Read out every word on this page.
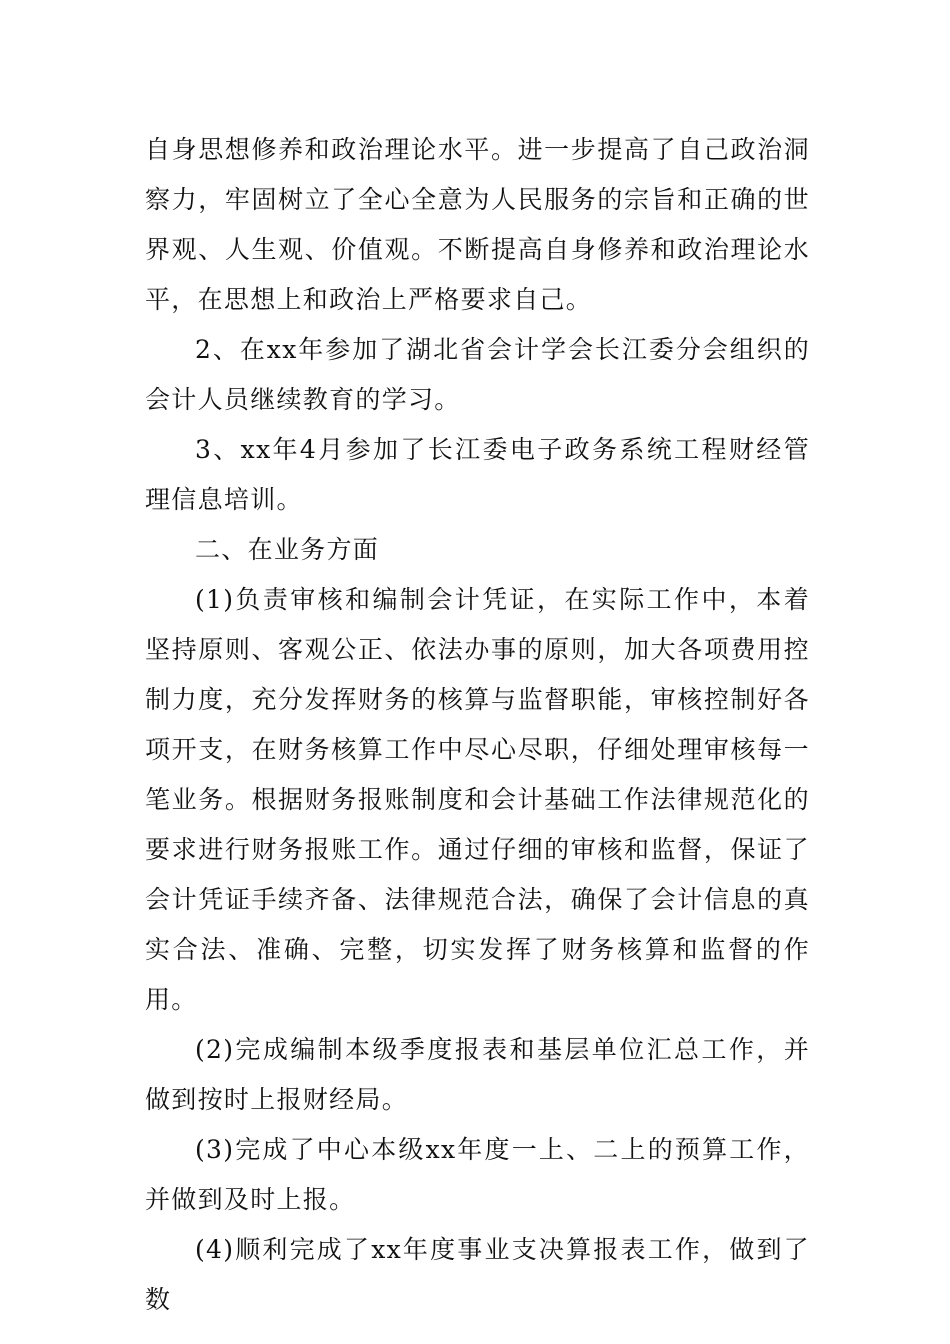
自身思想修养和政治理论水平。进一步提高了自己政治洞察力，牢固树立了全心全意为人民服务的宗旨和正确的世界观、人生观、价值观。不断提高自身修养和政治理论水平，在思想上和政治上严格要求自己。

2、在xx年参加了湖北省会计学会长江委分会组织的会计人员继续教育的学习。

3、xx年4月参加了长江委电子政务系统工程财经管理信息培训。

二、在业务方面

(1)负责审核和编制会计凭证，在实际工作中，本着坚持原则、客观公正、依法办事的原则，加大各项费用控制力度，充分发挥财务的核算与监督职能，审核控制好各项开支，在财务核算工作中尽心尽职，仔细处理审核每一笔业务。根据财务报账制度和会计基础工作法律规范化的要求进行财务报账工作。通过仔细的审核和监督，保证了会计凭证手续齐备、法律规范合法，确保了会计信息的真实合法、准确、完整，切实发挥了财务核算和监督的作用。

(2)完成编制本级季度报表和基层单位汇总工作，并做到按时上报财经局。

(3)完成了中心本级xx年度一上、二上的预算工作，并做到及时上报。

(4)顺利完成了xx年度事业支决算报表工作，做到了数
